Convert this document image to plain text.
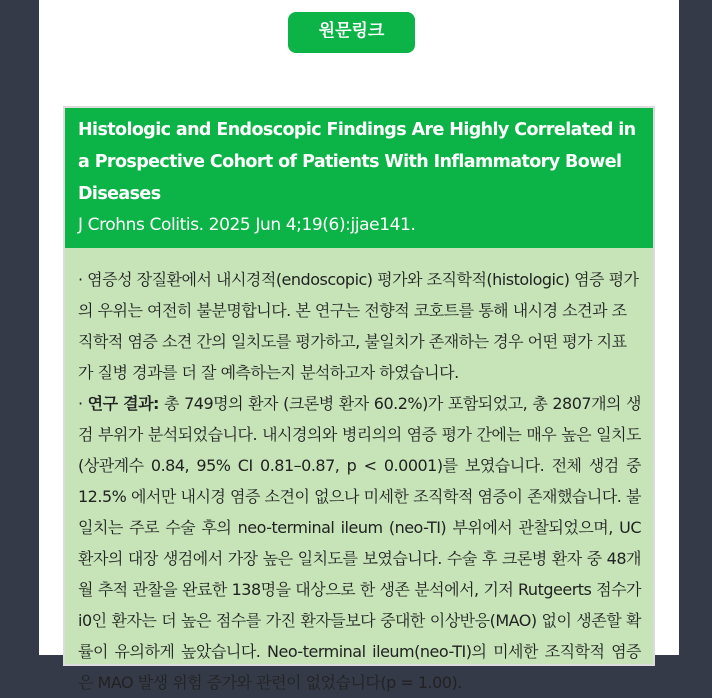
원문링크

Histologic and Endoscopic Findings Are Highly Correlated in a Prospective Cohort of Patients With Inflammatory Bowel Diseases

J Crohns Colitis. 2025 Jun 4;19(6):jjae141.

· 염증성 장질환에서 내시경적(endoscopic) 평가와 조직학적(histologic) 염증 평가의 우위는 여전히 불분명합니다. 본 연구는 전향적 코호트를 통해 내시경 소견과 조직학적 염증 소견 간의 일치도를 평가하고, 불일치가 존재하는 경우 어떤 평가 지표가 질병 경과를 더 잘 예측하는지 분석하고자 하였습니다.

· 연구 결과: 총 749명의 환자 (크론병 환자 60.2%)가 포함되었고, 총 2807개의 생검 부위가 분석되었습니다. 내시경의와 병리의의 염증 평가 간에는 매우 높은 일치도 (상관계수 0.84, 95% CI 0.81–0.87, p < 0.0001)를 보였습니다. 전체 생검 중 12.5% 에서만 내시경 염증 소견이 없으나 미세한 조직학적 염증이 존재했습니다. 불일치는 주로 수술 후의 neo-terminal ileum (neo-TI) 부위에서 관찰되었으며, UC 환자의 대장 생검에서 가장 높은 일치도를 보였습니다. 수술 후 크론병 환자 중 48개월 추적 관찰을 완료한 138명을 대상으로 한 생존 분석에서, 기저 Rutgeerts 점수가 i0인 환자는 더 높은 점수를 가진 환자들보다 중대한 이상반응(MAO) 없이 생존할 확률이 유의하게 높았습니다. Neo-terminal ileum(neo-TI)의 미세한 조직학적 염증은 MAO 발생 위험 증가와 관련이 없었습니다(p = 1.00).
